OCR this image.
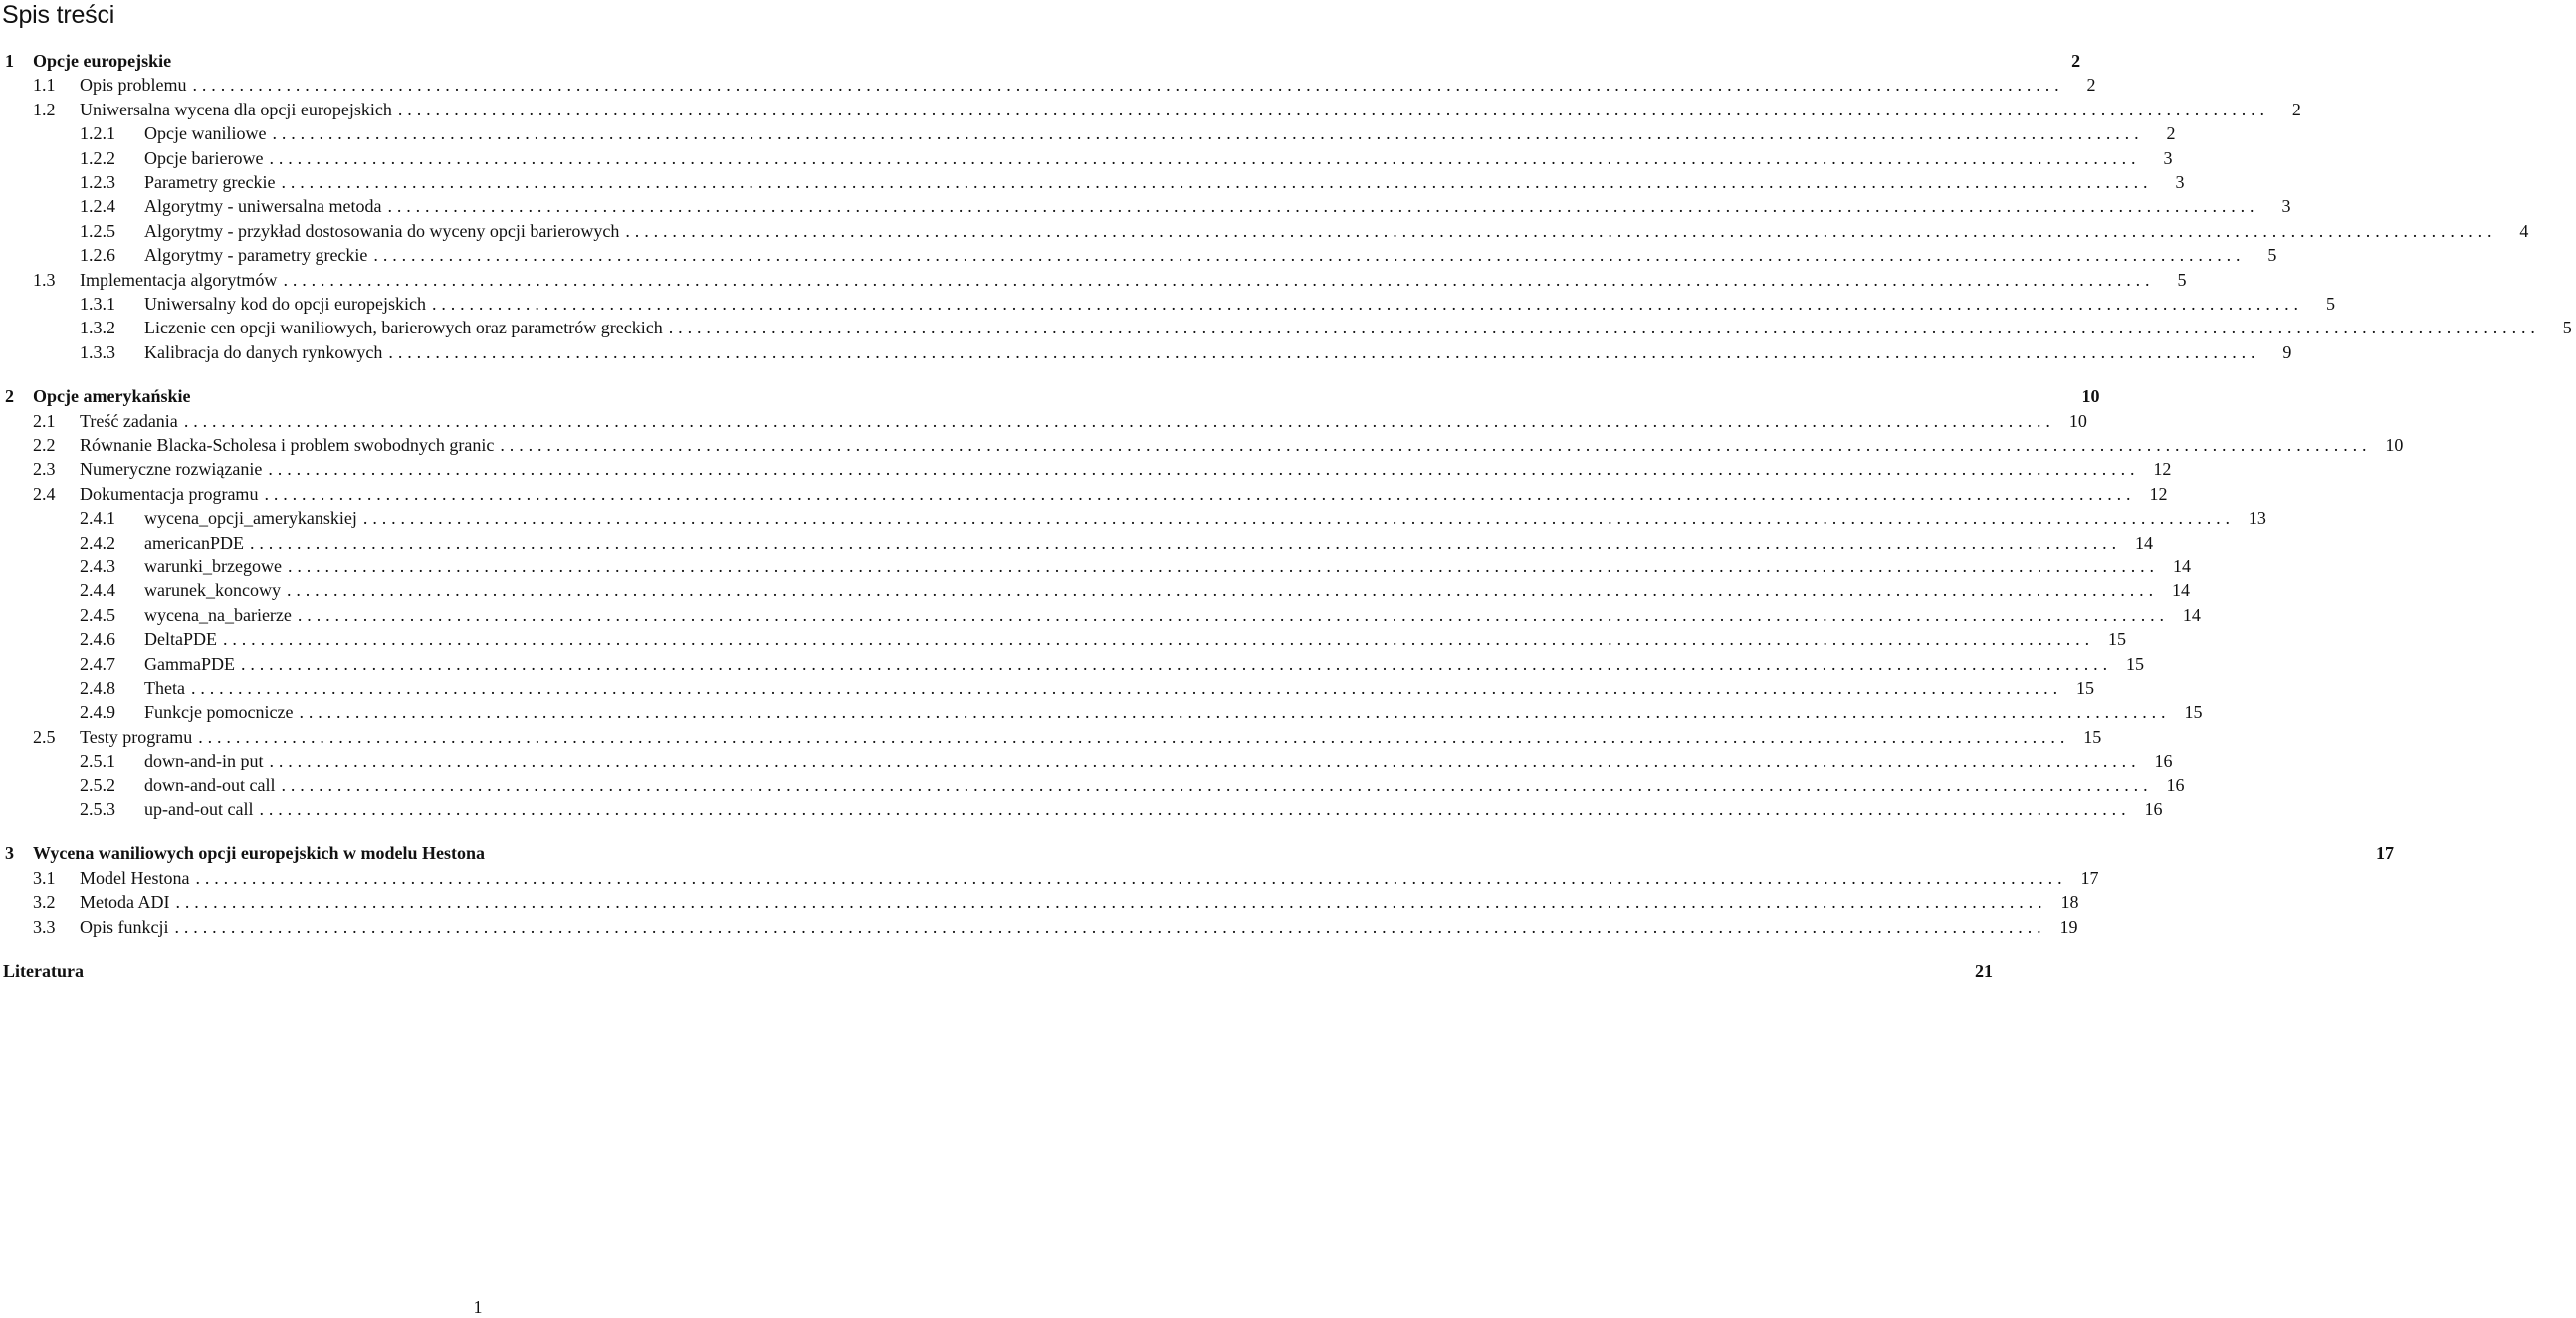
Spis treści
1	Opcje europejskie	2
1.1	Opis problemu ........................................................................................................................................................................................................	2
1.2	Uniwersalna wycena dla opcji europejskich ........................................................................................................................................................................................................	2
1.2.1	Opcje waniliowe ........................................................................................................................................................................................................	2
1.2.2	Opcje barierowe ........................................................................................................................................................................................................	3
1.2.3	Parametry greckie ........................................................................................................................................................................................................	3
1.2.4	Algorytmy - uniwersalna metoda ........................................................................................................................................................................................................	3
1.2.5	Algorytmy - przykład dostosowania do wyceny opcji barierowych ........................................................................................................................................................................................................	4
1.2.6	Algorytmy - parametry greckie ........................................................................................................................................................................................................	5
1.3	Implementacja algorytmów ........................................................................................................................................................................................................	5
1.3.1	Uniwersalny kod do opcji europejskich ........................................................................................................................................................................................................	5
1.3.2	Liczenie cen opcji waniliowych, barierowych oraz parametrów greckich ........................................................................................................................................................................................................	5
1.3.3	Kalibracja do danych rynkowych ........................................................................................................................................................................................................	9
2	Opcje amerykańskie	10
2.1	Treść zadania ........................................................................................................................................................................................................ 10
2.2	Równanie Blacka-Scholesa i problem swobodnych granic ........................................................................................................................................................................................................ 10
2.3	Numeryczne rozwiązanie ........................................................................................................................................................................................................ 12
2.4	Dokumentacja programu ........................................................................................................................................................................................................ 12
2.4.1	wycena_opcji_amerykanskiej ........................................................................................................................................................................................................ 13
2.4.2	americanPDE ........................................................................................................................................................................................................ 14
2.4.3	warunki_brzegowe ........................................................................................................................................................................................................ 14
2.4.4	warunek_koncowy ........................................................................................................................................................................................................ 14
2.4.5	wycena_na_barierze ........................................................................................................................................................................................................ 14
2.4.6	DeltaPDE ........................................................................................................................................................................................................ 15
2.4.7	GammaPDE ........................................................................................................................................................................................................ 15
2.4.8	Theta ........................................................................................................................................................................................................ 15
2.4.9	Funkcje pomocnicze ........................................................................................................................................................................................................ 15
2.5	Testy programu ........................................................................................................................................................................................................ 15
2.5.1	down-and-in put ........................................................................................................................................................................................................ 16
2.5.2	down-and-out call ........................................................................................................................................................................................................ 16
2.5.3	up-and-out call ........................................................................................................................................................................................................ 16
3	Wycena waniliowych opcji europejskich w modelu Hestona	17
3.1	Model Hestona ........................................................................................................................................................................................................ 17
3.2	Metoda ADI ........................................................................................................................................................................................................ 18
3.3	Opis funkcji ........................................................................................................................................................................................................ 19
Literatura	21
1
